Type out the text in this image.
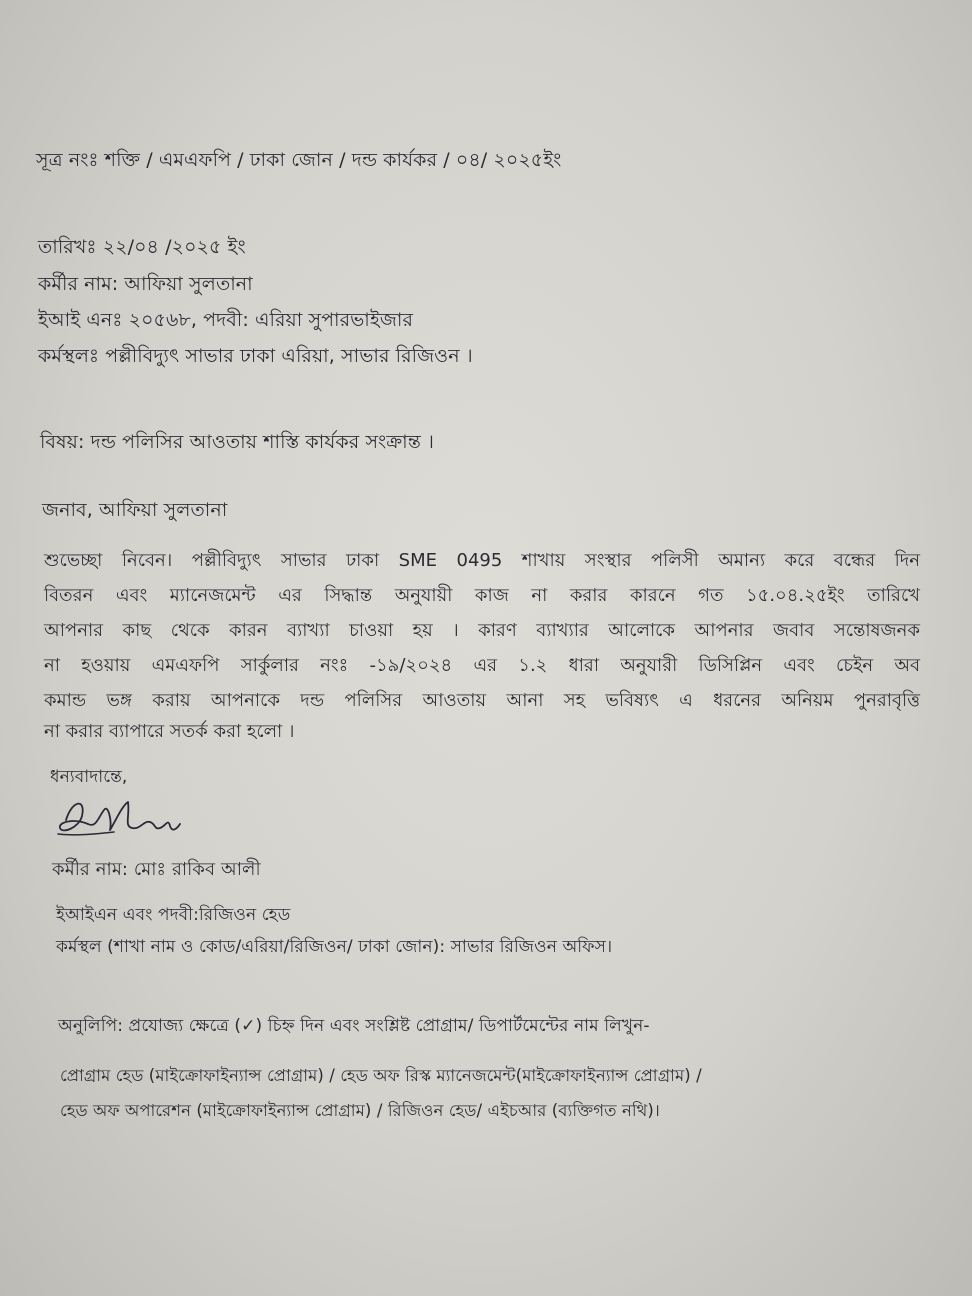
সূত্র নংঃ শক্তি / এমএফপি / ঢাকা জোন / দন্ড কার্যকর / ০৪/ ২০২৫ইং
তারিখঃ ২২/০৪ /২০২৫ ইং
কর্মীর নাম: আফিয়া সুলতানা
ইআই এনঃ ২০৫৬৮, পদবী: এরিয়া সুপারভাইজার
কর্মস্থলঃ পল্লীবিদ্যুৎ সাভার ঢাকা এরিয়া, সাভার রিজিওন ।
বিষয়: দন্ড পলিসির আওতায় শাস্তি কার্যকর সংক্রান্ত ।
জনাব, আফিয়া সুলতানা
শুভেচ্ছা নিবেন। পল্লীবিদ্যুৎ সাভার ঢাকা SME 0495 শাখায় সংস্থার পলিসী অমান্য করে বন্ধের দিন
বিতরন এবং ম্যানেজমেন্ট এর সিদ্ধান্ত অনুযায়ী কাজ না করার কারনে গত ১৫.০৪.২৫ইং তারিখে
আপনার কাছ থেকে কারন ব্যাখ্যা চাওয়া হয় । কারণ ব্যাখ্যার আলোকে আপনার জবাব সন্তোষজনক
না হওয়ায় এমএফপি সার্কুলার নংঃ -১৯/২০২৪ এর ১.২ ধারা অনুযারী ডিসিপ্লিন এবং চেইন অব
কমান্ড ভঙ্গ করায় আপনাকে দন্ড পলিসির আওতায় আনা সহ ভবিষ্যৎ এ ধরনের অনিয়ম পুনরাবৃত্তি
না করার ব্যাপারে সতর্ক করা হলো ।
ধন্যবাদান্তে,
কর্মীর নাম: মোঃ রাকিব আলী
ইআইএন এবং পদবী:রিজিওন হেড
কর্মস্থল (শাখা নাম ও কোড/এরিয়া/রিজিওন/ ঢাকা জোন): সাভার রিজিওন অফিস।
অনুলিপি: প্রযোজ্য ক্ষেত্রে (✓) চিহ্ন দিন এবং সংশ্লিষ্ট প্রোগ্রাম/ ডিপার্টমেন্টের নাম লিখুন-
প্রোগ্রাম হেড (মাইক্রোফাইন্যান্স প্রোগ্রাম) / হেড অফ রিস্ক ম্যানেজমেন্ট(মাইক্রোফাইন্যান্স প্রোগ্রাম) /
হেড অফ অপারেশন (মাইক্রোফাইন্যান্স প্রোগ্রাম) / রিজিওন হেড/ এইচআর (ব্যক্তিগত নথি)।
